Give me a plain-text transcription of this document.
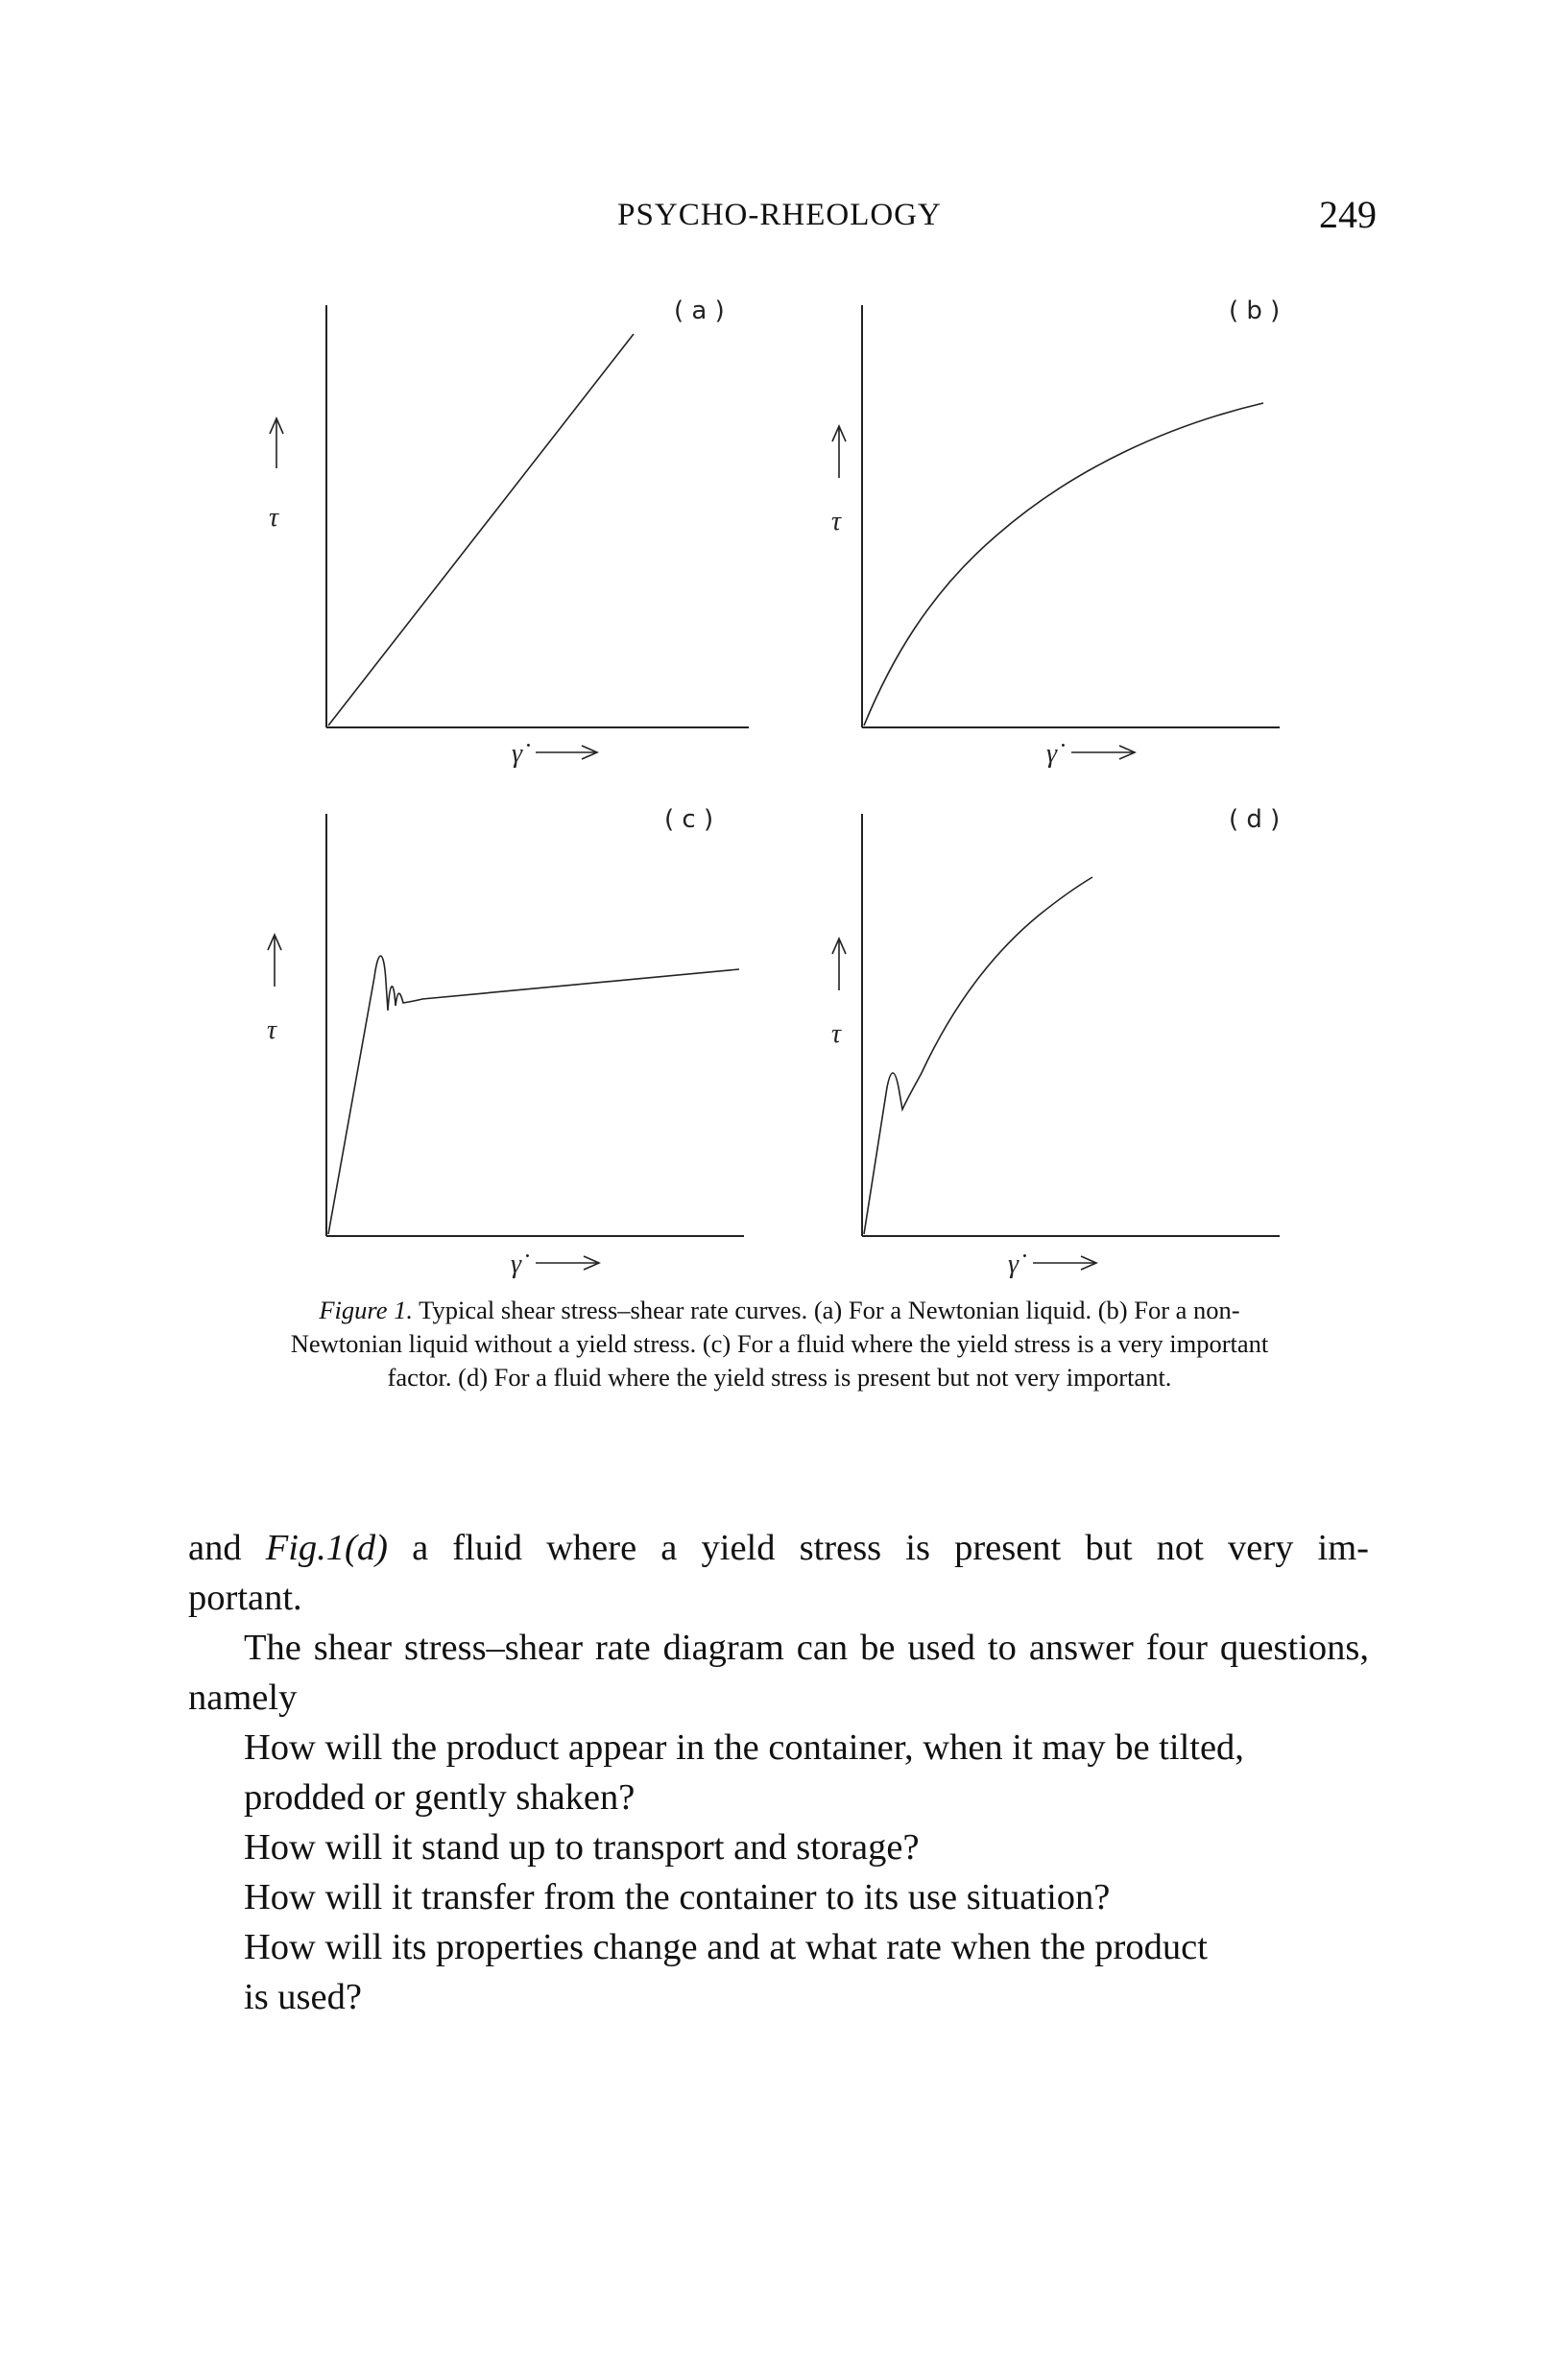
PSYCHO-RHEOLOGY	249
( a )
τ
γ̇
( b )
τ
γ̇
( c )
τ
γ̇
( d )
τ
γ̇
Figure 1. Typical shear stress–shear rate curves. (a) For a Newtonian liquid. (b) For a non-Newtonian liquid without a yield stress. (c) For a fluid where the yield stress is a very important factor. (d) For a fluid where the yield stress is present but not very important.

and Fig.1(d) a fluid where a yield stress is present but not very im-

portant.

The shear stress–shear rate diagram can be used to answer four questions,

namely

How will the product appear in the container, when it may be tilted,

prodded or gently shaken?

How will it stand up to transport and storage?

How will it transfer from the container to its use situation?

How will its properties change and at what rate when the product

is used?
